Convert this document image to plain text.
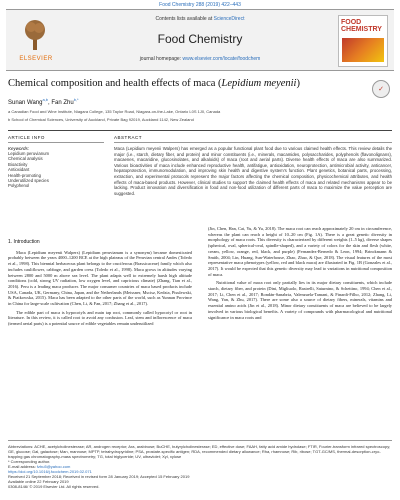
Food Chemistry 288 (2019) 422–443
ELSEVIER
Contents lists available at ScienceDirect
Food Chemistry
journal homepage: www.elsevier.com/locate/foodchem
FOOD CHEMISTRY
Chemical composition and health effects of maca (Lepidium meyenii)
Sunan Wang$^{a,b}$, Fan Zhu$^{b,*}$
a Canadian Food and Wine Institute, Niagara College, 135 Taylor Road, Niagara-on-the-Lake, Ontario L0S 1J0, Canada
b School of Chemical Sciences, University of Auckland, Private Bag 92019, Auckland 1142, New Zealand
✓
ARTICLE INFO
Keywords:
Lepidium peruvianum
Chemical analysis
Bioactivity
Antioxidant
Health-promoting
Underutilized species
Polyphenol
ABSTRACT
Maca (Lepidium meyenii Walpers) has emerged as a popular functional plant food due to various claimed health effects. This review details the major (i.e., starch, dietary fiber, and protein) and minor constituents (i.e., minerals, macamides, polysaccharides, polyphenols (flavonolignans), macaenes, macaridine, glucosinolates, and alkaloids) of maca (root and aerial parts). Diverse health effects of maca are also summarized. Various bioactivities of maca include enhanced reproductive health, antifatigue, antioxidation, neuroprotection, antimicrobial activity, anticancer, hepatoprotection, immunomodulation, and improving skin health and digestive system's function. Plant genetics, botanical parts, processing, extraction, and experimental protocols represent the major factors affecting the chemical composition, physicochemical attributes, and health effects of maca-based products. However, clinical studies to support the claimed health effects of maca and related mechanisms appear to be lacking. Product innovation and diversification in food and non-food utilization of different parts of maca to maximize the value perception are suggested.
1. Introduction

Maca (Lepidium meyenii Walpers) (Lepidium peruvianum is a synonym) became domesticated probably between the years 4000–1200 BCE at the high plateaus of the Peruvian central Andes (Toledo et al., 1998). This biennial herbaceous plant belongs to the cruciferous (Brassicaceae) family which also includes cauliflower, cabbage, and garden cress (Toledo et al., 1998). Maca grows in altitudes varying between 2800 and 5000 m above sea level. The plant adapts well to extremely harsh high altitude conditions (cold, strong UV radiation, low oxygen level, and capricious climate) (Zhang, Tian et al., 2016). Peru is a leading maca producer. The major consumer countries of maca based products include USA, Canada, UK, Germany, China, Japan, and the Netherlands (Meissner, Mscisz, Kedzia, Pisulewski, & Piatkowska, 2015). Maca has been adapted to the other parts of the world, such as Yunnan Province in China for large-scale cultivation (Chen, Li, & Fan, 2017; Zhang et al., 2017).

The edible part of maca is hypocotyls and main tap root, commonly called hypocotyl or root in literature. In this review, it is called root to avoid any confusion. Leaf, stem and inflorescence of maca (termed aerial parts) is a potential source of edible vegetables remain underutilized

(Jin, Chen, Han, Cai, Yu, & Yu, 2018). The maca root can reach approximately 20 cm in circumference, whereas the plant can reach a height of 10–20 cm (Fig. 1A). There is a great genetic diversity in morphology of maca roots. This diversity is characterized by different weights (1–5 kg), diverse shapes (spherical, oval, spherical-oval, spindle-shaped), and a variety of colors for the skin and flesh (white, cream, yellow, orange, red, black, and purple) (Fernandez-Bernedo & Leon, 1994; Brinckmann & Smith, 2004; Lin, Huang, Sun-Waterhouse, Zhao, Zhao, & Que, 2018). The visual features of the most representative maca phenotypes (yellow, red and black maca) are illustrated in Fig. 1B (Gonzales et al., 2017). It would be expected that this genetic diversity may lead to variations in nutritional composition of maca.

Nutritional value of maca root only partially lies in its major dietary constituents, which include starch, dietary fiber, and protein (Dini, Migliuolo, Rastrelli, Saturnino, & Schettino, 1994; Chen et al., 2017; Li, Chen et al., 2017; Rondán-Sanabria, Valenzuela-Tamani, & Finardi-Filho, 2012; Zhang, Li, Wang, Yan, & Zhu, 2017). There are some also a source of dietary fibers, minerals, vitamins and essential amino acids (Jin et al., 2018). Minor dietary constituents of maca are believed to be largely involved in various biological benefits. A variety of compounds with pharmacological and nutritional significance in maca roots and

Abbreviations: ACHE, acetylcholinesterase; AR, androgen receptor; Ara, arabinose; BuCHE, butyrylcholinesterase; ED, effective dose; FAAH, fatty acid amide hydrolase; FTIR, Fourier-transform infrared spectroscopy; GE, glucose; Gal, galactose; Man, mannose; MPTP, tetrahydropyridine; PSA, prostate-specific antigen; RDA, recommended dietary allowance; Rha, rhamnose; Rib, ribose; TGT-GC/MS, thermal-desorption-cryo-trapping gas chromatography-mass spectrometry; TG, total triglyceride; UV, ultraviolet; Xyl, xylose
* Corresponding author.
E-mail address: fzhu5@yahoo.com
https://doi.org/10.1016/j.foodchem.2019.02.071
Received 21 September 2018; Received in revised form 28 January 2019; Accepted 15 February 2019
Available online 22 February 2019
0308-8146/ © 2019 Elsevier Ltd. All rights reserved.
